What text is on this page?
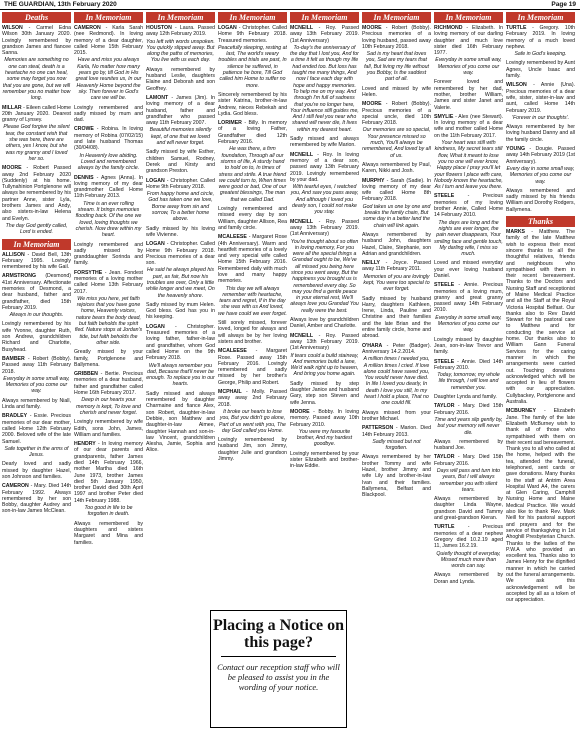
THE GUARDIAN, 13th February 2020	Page 19
Deaths
WILSON - Carmel Edna Wilson 30th January 2020. Lovingly remembered by grandson James and fiancee Sanna.
Memories are something no one can steal, death is a heartache no one can heal, some may forget you now that you are gone, but we will remember you no matter how long.
MILLAR - Eileen called Home 20th January 2020. Dearest granny of Lynsey.
Please God forgive the silent tear, the constant wish that she was here, there are others, yes I know, but she was my granny and I loved her so.
MOORE - Robert Passed away 2nd February 2020 (Suddenly) at his home. Tullynahinion Portglenone will always be remembered by his partner Anne, sister Lyla, brothers James and Andy, also sisters-in-law Helena and Evelyn.
The day God gently called, Lord is ended.
In Memoriam
ALLISON - David Bell, 13th February 1995. Lovingly remembered by his wife Gail.
ARMSTRONG (Desmond) 41st Anniversary. Affectionate memories of Desmond, a dear husband, father and grandfather, died 15th February 2019.
Always in our thoughts.
Lovingly remembered by his wife Yvonne, daughter Ruth, son Andrew, grandchildren Richard and Charlotte, Busyhead.
BAMBER - Robert (Bobby). Passed away 11th February 2018.
Everyday in some small way, Memories of you come our way.
Always remembered by Niall, Linda and family.
BRADLEY - Essie. Precious memories of our dear mother, called Home 12th February 2000. Beloved wife of the late Samuel.
Safe together in the arms of Jesus.
Dearly loved and sadly missed by daughter Hazel, son Johnson and families.
CAMERON - Mary. Died 14th February 1992. Always remembered by her son Bobby, daughter Audrey and son-in-law James McClean.
In Memoriam
CAMERON - Karla Sarah (nee Redmond). In loving memory of a dear daughter, called Home 15th February 2015.
Have and miss you always Karla, No matter how many years go by, till God in His great love reunites us, In our Heavenly Home beyond the sky. Then forever in God's care we will be.
Lovingly remembered and sadly missed by mum and dad.
CROWE - Robina. In loving memory of Robina (07/02/15) and late husband Thomas (30/04/08).
In Heavenly love abiding. Loved and remembered always by the family circle.
DENNIS - Agnes (Anna). In loving memory of my dear grandmother Called Home 11th February 2013.
Time is an ever rolling stream. It brings memories flooding back. Of the one we loved, loving thoughts we cherish. Now drew within my heart.
Lovingly remembered and sadly missed by granddaughter Sorinda and family.
FORSYTHE - Jean. Fondest memories of a loving mother called Home 13th February 2017.
We miss you here, yet faith rejoices that you have gone home, Heavenly voices, nature bears the body dead, but faith beholds the spirit fled. Nature stops at Jordan's tide, but faith beholds the other side.
Greatly missed by your family, Portglenone and Ballymena.
GRIBBEN - Bertie. Precious memories of a dear husband, father and grandfather called Home 16th February 2017.
Deep in our hearts your memory is kept, To love and cherish and never forget.
Lovingly remembered by wife Edith, sons John, James, William and families.
HENDRY - In loving memory of our dear parents and grandparents, father James died 14th February 1966, mother Martha died 16th June 1973, brother James died 5th January 1950, brother David died 30th April 1997 and brother Peter died 14th February 1988.
Too good in life to be forgotten in death.
Always remembered by daughters and sisters Margaret and Mina and families.
In Memoriam
HOUSTON - Laura. Passed away 12th February 2019.
You left with words unspoken. You quickly slipped away. But along the paths of memories, You live with us each day.
Always remembered by husband Leslie, daughters Elaine and Deborah and son Geoffrey.
LAMONT - James (Jim). In loving memory of a dear husband, father and grandfather who passed away 11th February 2007.
Beautiful memories silently kept, of one that we loved and will never forget.
Sadly missed by wife Esther, children Samuel, Rodney, Derek and Kirsty and grandson Preston.
LOGAN - Christopher. Called Home 9th February 2018.
From happy home and circle, God has taken one we love, Borne away from sin and sorrow, To a better home above.
Sadly missed by his loving wife Vivienne.
LOGAN - Christopher. Called Home 9th February 2018. Precious memories of a dear son.
He said he always played his part, as fair, But now his troubles are over, Only a little while longer and we meet, On the heavenly shore.
Sadly missed by mum Helen. God bless. God has you in his keeping.
LOGAN - Christopher. Treasured memories of a loving father, father-in-law and grandfather, whom God called Home on the 9th February 2018.
We'll always remember you dad, Because that'll never be enough. To replace you in our hearts.
Sadly missed and always remembered by daughter Charmaine and fiance Alex, son Robert, daughter-in-law Debbie, son Matthew and daughter-in-law Aimee, daughter Hannah and son-in-law Vincent, grandchildren Alesha, Jamie, Sophia and Alice.
In Memoriam
LOGAN - Christopher. Called Home 9th February 2018. Treasured memories.
Peacefully sleeping, resting at last, The world's weary troubles and trials are past, In silence he suffered, in patience he bore, Till God called him Home to suffer no more.
Sincerely remembered by his sister Katrina, brother-in-law Andrew, nieces Rebekah and Lydia. God bless.
LORIMER - Billy. In memory of a loving Father, Grandfather died 12th February 2016.
He was there, a firm foundation, Through all our storms of life, A sturdy hand to hold on to, In times of stress and strife. A true friend we could turn to, When times were good or bad, One of our greatest blessings, The man that we called Dad.
Lovingly remembered and missed every day by son William, daughter Allison, Rea and family circle.
MCALEESE - Margaret Rose (4th Anniversary). Warm and heartfelt memories of a lovely and very special wife called Home 15th February 2016. Remembered daily with much love and many happy memories.
This day we will always remember with heartache, tears and regret, If in the day she was with us And loved, we have could we ever forget.
Still sorely missed, forever loved, longed for always and will always be by her loving sisters and brother.
MCALEESE - Margaret Rose. Passed away 15th February 2016. Lovingly remembered and sadly missed by her brother's George, Philip and Robert.
MCPHAIL - Molly. Passed away away 2nd February 2018.
It broke our hearts to lose you, But you didn't go alone, Part of us went with you, The day God called you Home.
Lovingly remembered by husband Jim, son Jimmy, daughter Julie and grandson Jimmy.
In Memoriam
MCNEILL - Roy. Passed away 13th February 2019. (1st Anniversary)
To-day's the anniversary of the day that I lost you, And for a time it felt as though my life had ended too. But loss has taught me many things, And now I face each day with hope and happy memories. To help me on my way. And through I'm full of sadness that you're no longer here, Your influence still guides me, And I still feel you near who shared will never die, It lives within my dearest heart.
Sadly missed and always remembered by wife Marion.
MCNEILL - Roy. In loving memory of a dear son, passed away 13th February 2019. Lovingly remembered by your dad.
With tearful eyes, I watched you, And saw you pass away, And although I loved you dearly son, I could not make you stay.
MCNEILL - Roy. Passed away 13th February 2019. (1st Anniversary)
You're thought about so often in loving memory, For you were all the special things a Grandad ought to be, We've all missed you being here since you went away, But the happiness you brought us is remembered every day. So may you find a gentle peace in your eternal rest, We'll always love you Grandad You really were the best.
Always love by grandchildren Daniel, Amber and Charlotte.
MCNEILL - Roy. Passed away 13th February 2019. (1st Anniversary)
If tears could a build stairway, And memories build a lane, We'd walk right up to heaven, And bring you home again.
Sadly missed by step daughter Janice and husband Gary, step son Steven and wife Jenna.
MOORE - Bobby. In loving memory. Passed away 10th February 2010.
You were my favourite brother, And my hardest goodbye.
Lovingly remembered by your sister Elizabeth and brother-in-law Eddie.
In Memoriam
MOORE - Robert (Bobby). Precious memories of a loving husband, passed away 10th February 2018.
Sad is my heart that loves you, Sad are my tears that fall, But living my life without you Bobby, Is the saddest part of all.
Loved and missed by wife Helen.
MOORE - Robert (Bobby). Precious memories of a special uncle, died 10th February 2018.
Our memories are so special, Your presence missed so much, You'll always be remembered, And loved by all of us.
Always remembered by Paul, Karen, Nikki and Josh.
MURPHY - Sarah (Sadie). In loving memory of my dear wife called Home 8th February 2018.
God takes us one by one and breaks the family chain, But some day in a better land the chain will link again.
Always remembered by husband John, daughters Hazel, Claire, Stephanie, son Adrian and grandchildren.
NEILLY - Joyce. Passed away 11th February 2011.
Memories of you are lovingly kept, You were too special to ever forget.
Sadly missed by husband Harry, daughters Kathleen, Irene, Linda, Pauline and Christine and their families and the late Brian and the entire family circle, home and abroad.
O'HARA - Peter (Badger). Anniversary 14.2.2014.
A million times I needed you, A million times I cried. If love alone could have saved you, You would never have died. In life I loved you dearly, In death I love you still, In my heart I hold a place, That no one could fill.
Always missed from your brother Michael.
PATTERSON - Marion. Died 14th February 2013.
Sadly missed but not forgotten.
Always remembered by her brother Tommy and wife Hazel, brother Jimmy and wife Lily and brother-in-law Ivan and their families. Ballymena, Belfast and Blackpool.
In Memoriam
RICHMOND - Elizabeth. In loving memory of our darling daughter and much love sister died 16th February 1977.
Everyday in some small way, Memories of you come our way.
Forever loved and remembered by her dad, mother, brother William, James and sister Janet and Valerie.
SMYLIE - Alex (nee Stewart). In loving memory of a dear wife and mother called Home on the 11th February 2017.
Your heart was still with kindness, My secret tears still flow, What it meant to lose you no one will ever know, Happy place I pray you'll let your flowers I place with care, Nobody knows the heartache, As I turn and leave you there.
STEELE	- Precious memories of my loving brother Annie, Called Home 14 February 2010.
The days are long and the nights are ever longer, the pain never disappears, Your smiling face and gentle touch, My darling wife, I miss so much.
Loved and missed everyday your ever loving husband Daniel.
STEELE - Annie. Precious memories of a loving mum, granny and great granny passed away 14th February 2010.
Everyday in some small way, Memories of you come our way.
Lovingly missed by daughter Jean, son-in-law Trevor and family.
STEELE - Annie. Died 14th February 2010.
Today, tomorrow, my whole life through, I will love and remember you.
Daughter Lynda and family.
TAYLOR - Mary. Died 15th February 2016.
Time and years slip gently by, but your memory will never die.
Always remembered by husband Joe.
TAYLOR - Mary. Died 15th February 2016.
Days will pass and turn into years, But I will always remember you with silent tears.
Always remembered by daughter Linda Wayne, grandson David and Tammy and great-grandson Kieran.
TURTLE	- Precious memories of a dear nephew Gregory died 10.2.19 aged 11, James 16.2.19.
Quietly thought of everyday, Missed much more than words can say.
Always remembered by Doran and Lynda.
In Memoriam
TURTLE - Gregory. 10th February 2019. In loving memory of a much loved nephew.
Safe in God's keeping.
Lovingly remembered by Aunt Agnes, Uncle Isaac and family.
WILSON - Annie (Una). Precious memories of a dear wife, sister, sister-in-law and aunt, called Home 14th February 2019.
'Forever in our thoughts'.
Always remembered by her loving husband Danny and all the family circle.
YOUNG - Dougie. Passed away 14th February 2019 (1st Anniversary).
Every day in some small way, Memories of you come our way.
Always remembered and sadly missed by his friends William and Dorothy Rodgers, Ballymena.
Thanks
MARKS - Matthew. The family of the late Matthew wish to express their most sincere thanks to all the thoughtful relatives, friends and neighbours who sympathised with them in their recent bereavement. Thanks to the Doctors and Nursing Staff and receptionist of Maine Medical Practice and all the Staff at the Royal Victoria Hospital Belfast. Our thanks also to Rev David Stewart for his pastoral care to Matthew and for conducting the service at home. Our thanks also to William Gann Funeral Services for the caring manner in which the arrangements were carried out. Touching donations acknowledged which will be accepted in lieu of flowers with our appreciation. Cullybackey, Portglenone and Australia.
MCBURNEY - Elizabeth Jane. The family of the late Elizabeth McBurney wish to thank all of those who sympathised with them on their recent sad bereavement. Thank you to all who called at the home, helped with the tea, attended the funeral, telephoned, sent cards or gave donations. Many thanks to the staff at Antrim Area Hospital Ward A4, the carers at Glen Caring, Camphill Nursing Home and Maine Medical Practice. We would also like to thank Rev. Mark Neill for his pastoral support and prayers and for the service of thanksgiving in 1st Ahoghill Presbyterian Church. Thanks to the ladies of the P.W.A who provided an excellent tea. Thanks also to James Henry for the dignified manner in which he carried out the funeral arrangements. We ask this acknowledgement will be accepted by all as a token of our appreciation.
Placing a Notice on this page?
Contact our reception staff who will be pleased to assist you in the wording of your notice.
